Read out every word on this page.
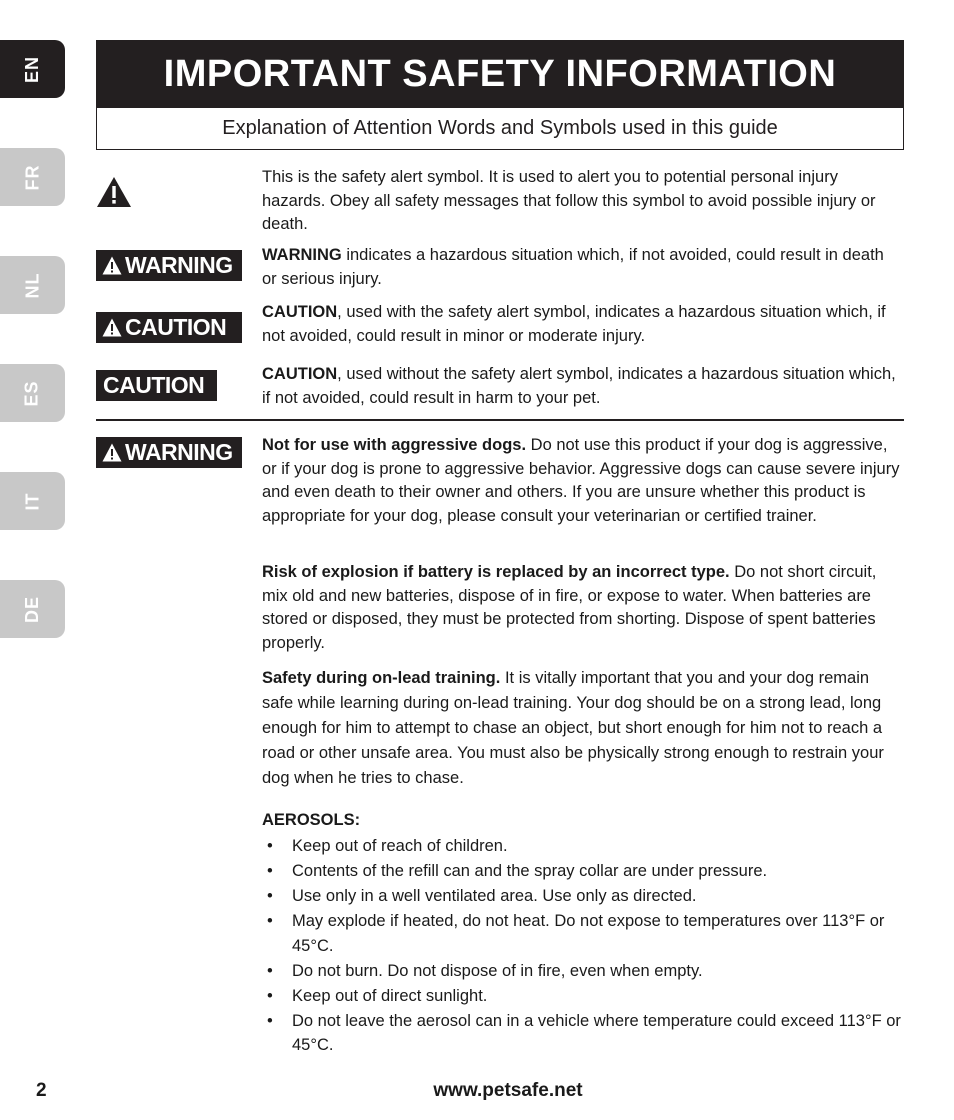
EN
FR
NL
ES
IT
DE
IMPORTANT SAFETY INFORMATION
Explanation of Attention Words and Symbols used in this guide
This is the safety alert symbol. It is used to alert you to potential personal injury hazards. Obey all safety messages that follow this symbol to avoid possible injury or death.
WARNING WARNING indicates a hazardous situation which, if not avoided, could result in death or serious injury.
CAUTION
CAUTION, used with the safety alert symbol, indicates a hazardous situation which, if not avoided, could result in minor or moderate injury.
CAUTION	CAUTION, used without the safety alert symbol, indicates a hazardous situation which, if not avoided, could result in harm to your pet.
WARNING Not for use with aggressive dogs. Do not use this product if your dog is aggressive, or if your dog is prone to aggressive behavior. Aggressive dogs can cause severe injury and even death to their owner and others. If you are unsure whether this product is appropriate for your dog, please consult your veterinarian or certified trainer.
Risk of explosion if battery is replaced by an incorrect type. Do not short circuit, mix old and new batteries, dispose of in fire, or expose to water. When batteries are stored or disposed, they must be protected from shorting. Dispose of spent batteries properly.
Safety during on-lead training. It is vitally important that you and your dog remain safe while learning during on-lead training. Your dog should be on a strong lead, long enough for him to attempt to chase an object, but short enough for him not to reach a road or other unsafe area. You must also be physically strong enough to restrain your dog when he tries to chase.
AEROSOLS:
• Keep out of reach of children.
• Contents of the refill can and the spray collar are under pressure.
• Use only in a well ventilated area. Use only as directed.
• May explode if heated, do not heat. Do not expose to temperatures over 113°F or 45°C.
• Do not burn. Do not dispose of in fire, even when empty.
• Keep out of direct sunlight.
• Do not leave the aerosol can in a vehicle where temperature could exceed 113°F or 45°C.
2	www.petsafe.net
